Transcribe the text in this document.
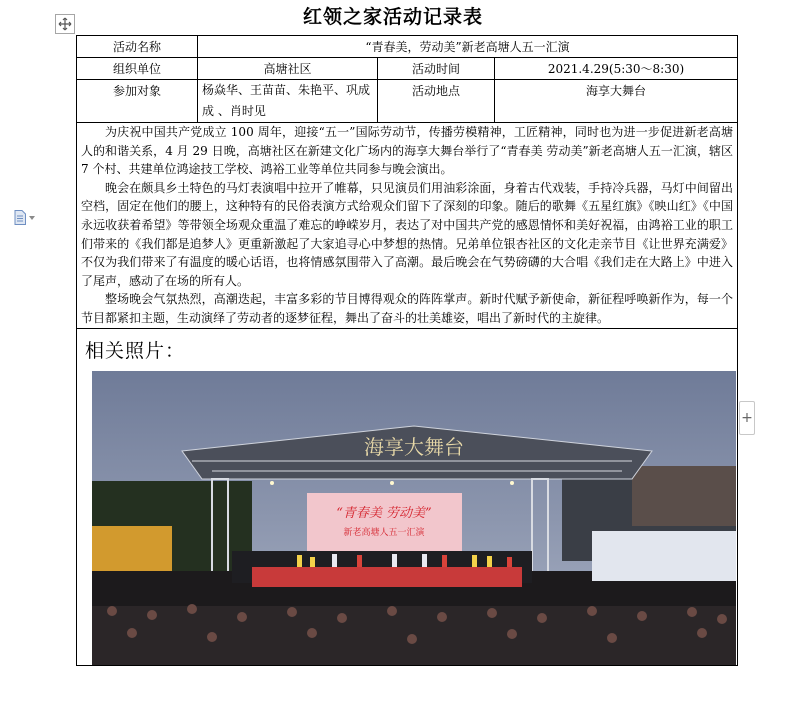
+
红领之家活动记录表
活动名称	“青春美，劳动美”新老高塘人五一汇演		
组织单位	高塘社区	活动时间	2021.4.29(5:30～8:30)
参加对象	杨焱华、王苗苗、朱艳平、巩成成 、肖时见	活动地点	海享大舞台

为庆祝中国共产党成立 100 周年，迎接“五一”国际劳动节，传播劳模精神，工匠精神，同时也为进一步促进新老高塘人的和谐关系，4 月 29 日晚，高塘社区在新建文化广场内的海享大舞台举行了“青春美 劳动美”新老高塘人五一汇演，辖区 7 个村、共建单位鸿途技工学校、鸿裕工业等单位共同参与晚会演出。

晚会在颇具乡土特色的马灯表演唱中拉开了帷幕，只见演员们用油彩涂面，身着古代戏装，手持冷兵器，马灯中间留出空档，固定在他们的腰上，这种特有的民俗表演方式给观众们留下了深刻的印象。随后的歌舞《五星红旗》《映山红》《中国永远收获着希望》等带领全场观众重温了难忘的峥嵘岁月，表达了对中国共产党的感恩情怀和美好祝福，由鸿裕工业的职工们带来的《我们都是追梦人》更重新激起了大家追寻心中梦想的热情。兄弟单位银杏社区的文化走亲节目《让世界充满爱》不仅为我们带来了有温度的暖心话语，也将情感氛围带入了高潮。最后晚会在气势磅礴的大合唱《我们走在大路上》中进入了尾声，感动了在场的所有人。

整场晚会气氛热烈，高潮迭起，丰富多彩的节目博得观众的阵阵掌声。新时代赋予新使命，新征程呼唤新作为，每一个节目都紧扣主题，生动演绎了劳动者的逐梦征程，舞出了奋斗的壮美雄姿，唱出了新时代的主旋律。			

相关照片：
海享大舞台
“青春美 劳动美”
新老高塘人五一汇演			
